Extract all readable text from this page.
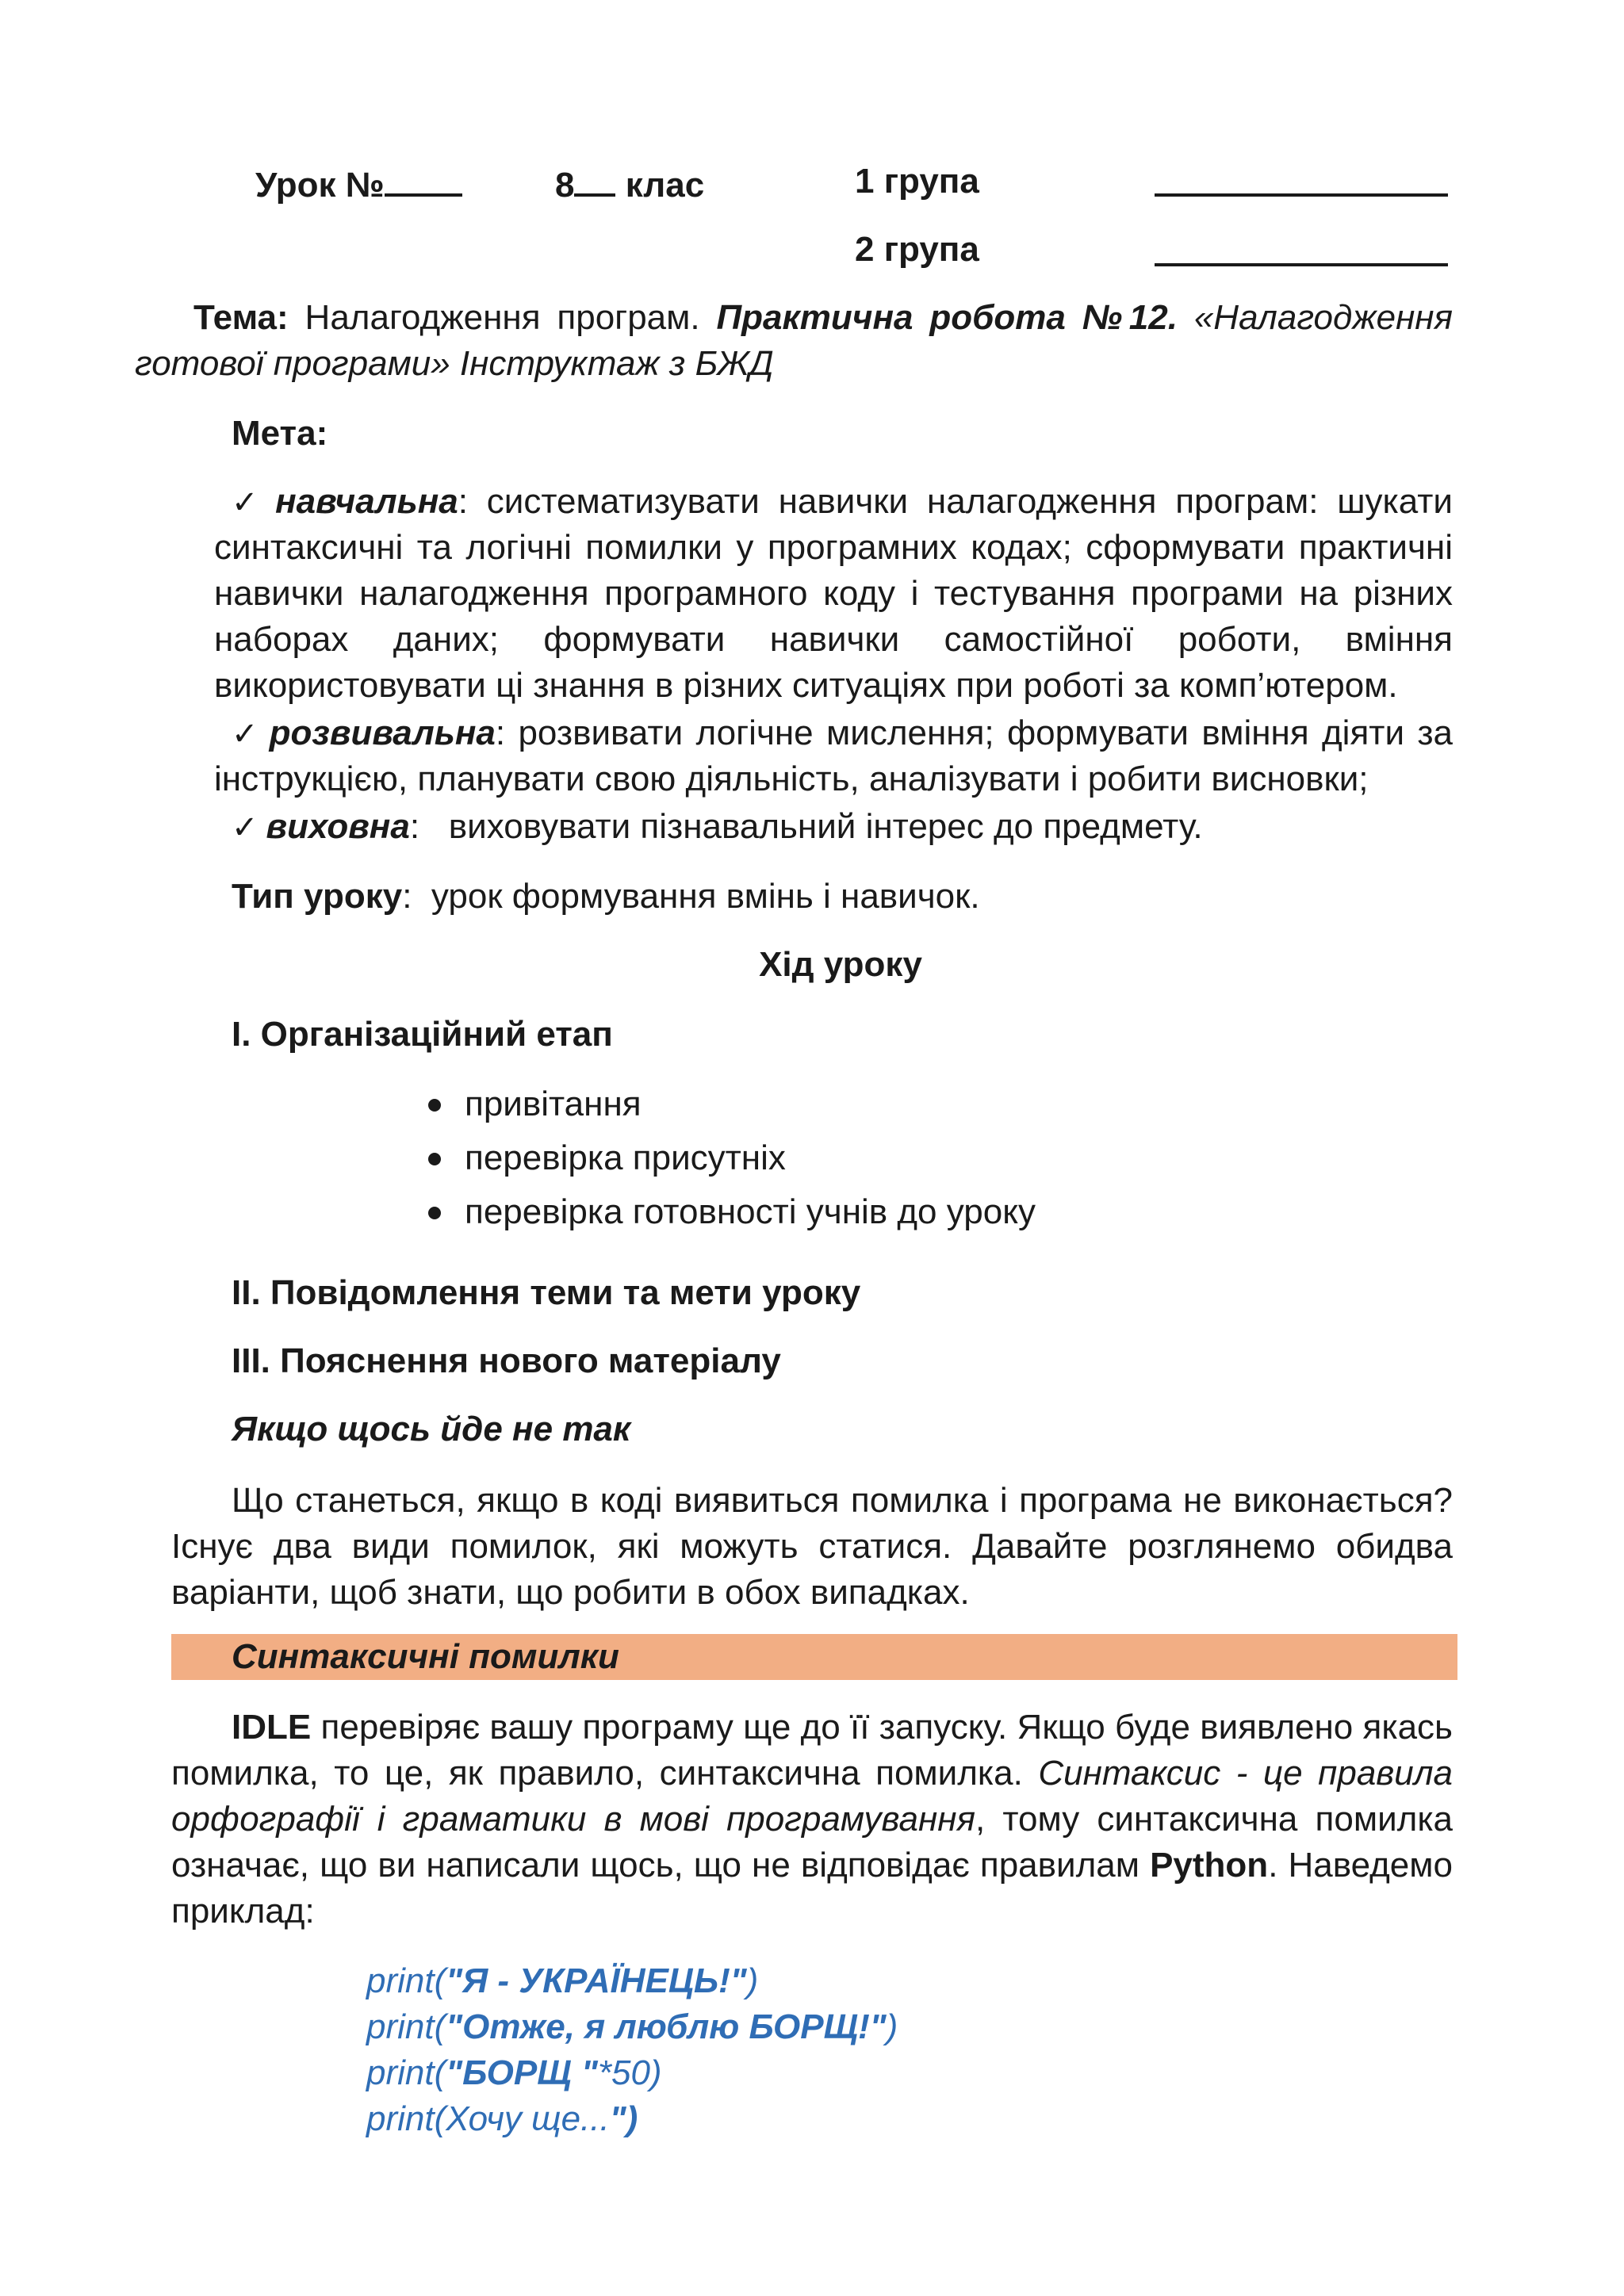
Урок №	8 клас	1 група
2 група
Тема: Налагодження програм. Практична робота №12. «Налагодження
готової програми» Інструктаж з БЖД
Мета:
✓ навчальна: систематизувати навички налагодження програм: шукати
синтаксичні та логічні помилки у програмних кодах; сформувати практичні
навички налагодження програмного коду і тестування програми на різних
наборах даних; формувати навички самостійної роботи, вміння
використовувати ці знання в різних ситуаціях при роботі за комп’ютером.
✓ розвивальна: розвивати логічне мислення; формувати вміння діяти за
інструкцією, планувати свою діяльність, аналізувати і робити висновки;
✓ виховна:   виховувати пізнавальний інтерес до предмету.
Тип уроку:  урок формування вмінь і навичок.
Хід уроку
I. Організаційний етап
привітання
перевірка присутніх
перевірка готовності учнів до уроку
II. Повідомлення теми та мети уроку
III. Пояснення нового матеріалу
Якщо щось йде не так
Що станеться, якщо в коді виявиться помилка і програма не виконається?
Існує два види помилок, які можуть статися. Давайте розглянемо обидва
варіанти, щоб знати, що робити в обох випадках.
Синтаксичні помилки
IDLE перевіряє вашу програму ще до її запуску. Якщо буде виявлено якась
помилка, то це, як правило, синтаксична помилка. Синтаксис - це правила
орфографії і граматики в мові програмування, тому синтаксична помилка
означає, що ви написали щось, що не відповідає правилам Python. Наведемо
приклад:
print("Я - УКРАЇНЕЦЬ!")
print("Отже, я люблю БОРЩ!")
print("БОРЩ "*50)
print(Хочу ще...")
